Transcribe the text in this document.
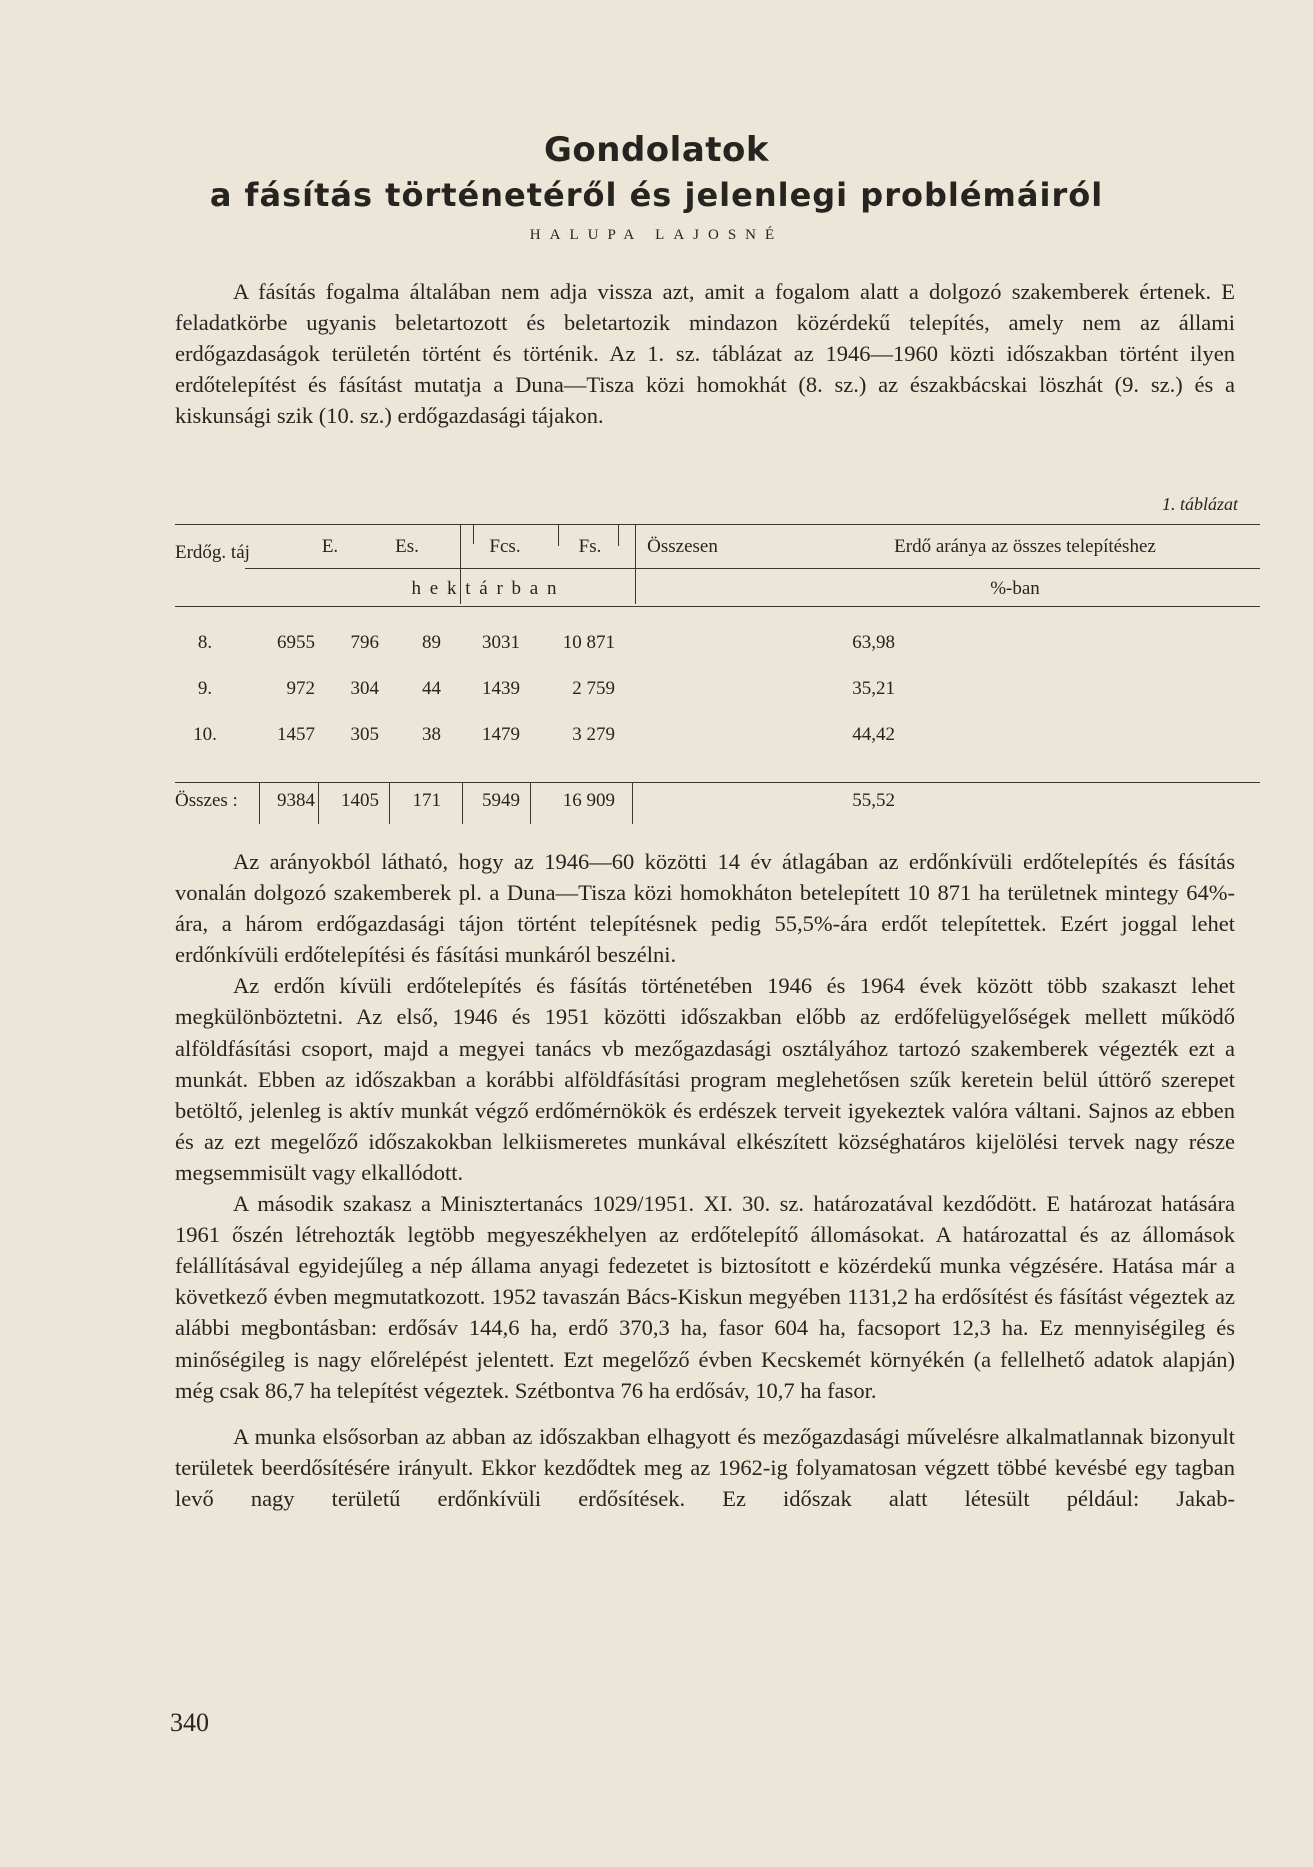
Gondolatok
a fásítás történetéről és jelenlegi problémáiról
HALUPA LAJOSNÉ

A fásítás fogalma általában nem adja vissza azt, amit a fogalom alatt a dolgozó szakemberek értenek. E feladatkörbe ugyanis beletartozott és beletartozik mindazon közérdekű telepítés, amely nem az állami erdőgazdaságok területén történt és történik. Az 1. sz. táblázat az 1946—1960 közti időszakban történt ilyen erdőtelepítést és fásítást mutatja a Duna—Tisza közi homokhát (8. sz.) az északbácskai löszhát (9. sz.) és a kiskunsági szik (10. sz.) erdőgazdasági tájakon.

1. táblázat
Erdőg. táj	E.	Es.	Fcs.	Fs.	Összesen	Erdő aránya az összes telepítéshez
h e k t á r b a n	%-ban
8.	6955	796	89	3031	10 871	63,98
9.	972	304	44	1439	2 759	35,21
10.	1457	305	38	1479	3 279	44,42
Összes :	9384	1405	171	5949	16 909	55,52

Az arányokból látható, hogy az 1946—60 közötti 14 év átlagában az erdőnkívüli erdőtelepítés és fásítás vonalán dolgozó szakemberek pl. a Duna—Tisza közi homokháton betelepített 10 871 ha területnek mintegy 64%-ára, a három erdőgazdasági tájon történt telepítésnek pedig 55,5%-ára erdőt telepítettek. Ezért joggal lehet erdőnkívüli erdőtelepítési és fásítási munkáról beszélni.

Az erdőn kívüli erdőtelepítés és fásítás történetében 1946 és 1964 évek között több szakaszt lehet megkülönböztetni. Az első, 1946 és 1951 közötti időszakban előbb az erdőfelügyelőségek mellett működő alföldfásítási csoport, majd a megyei tanács vb mezőgazdasági osztályához tartozó szakemberek végezték ezt a munkát. Ebben az időszakban a korábbi alföldfásítási program meglehetősen szűk keretein belül úttörő szerepet betöltő, jelenleg is aktív munkát végző erdőmérnökök és erdészek terveit igyekeztek valóra váltani. Sajnos az ebben és az ezt megelőző időszakokban lelkiismeretes munkával elkészített községhatáros kijelölési tervek nagy része megsemmisült vagy elkallódott.

A második szakasz a Minisztertanács 1029/1951. XI. 30. sz. határozatával kezdődött. E határozat hatására 1961 őszén létrehozták legtöbb megyeszékhelyen az erdőtelepítő állomásokat. A határozattal és az állomások felállításával egyidejűleg a nép állama anyagi fedezetet is biztosított e közérdekű munka végzésére. Hatása már a következő évben megmutatkozott. 1952 tavaszán Bács-Kiskun megyében 1131,2 ha erdősítést és fásítást végeztek az alábbi megbontásban: erdősáv 144,6 ha, erdő 370,3 ha, fasor 604 ha, facsoport 12,3 ha. Ez mennyiségileg és minőségileg is nagy előrelépést jelentett. Ezt megelőző évben Kecskemét környékén (a fellelhető adatok alapján) még csak 86,7 ha telepítést végeztek. Szétbontva 76 ha erdősáv, 10,7 ha fasor.

A munka elsősorban az abban az időszakban elhagyott és mezőgazdasági művelésre alkalmatlannak bizonyult területek beerdősítésére irányult. Ekkor kezdődtek meg az 1962-ig folyamatosan végzett többé kevésbé egy tagban levő nagy területű erdőnkívüli erdősítések. Ez időszak alatt létesült például: Jakab-

340
